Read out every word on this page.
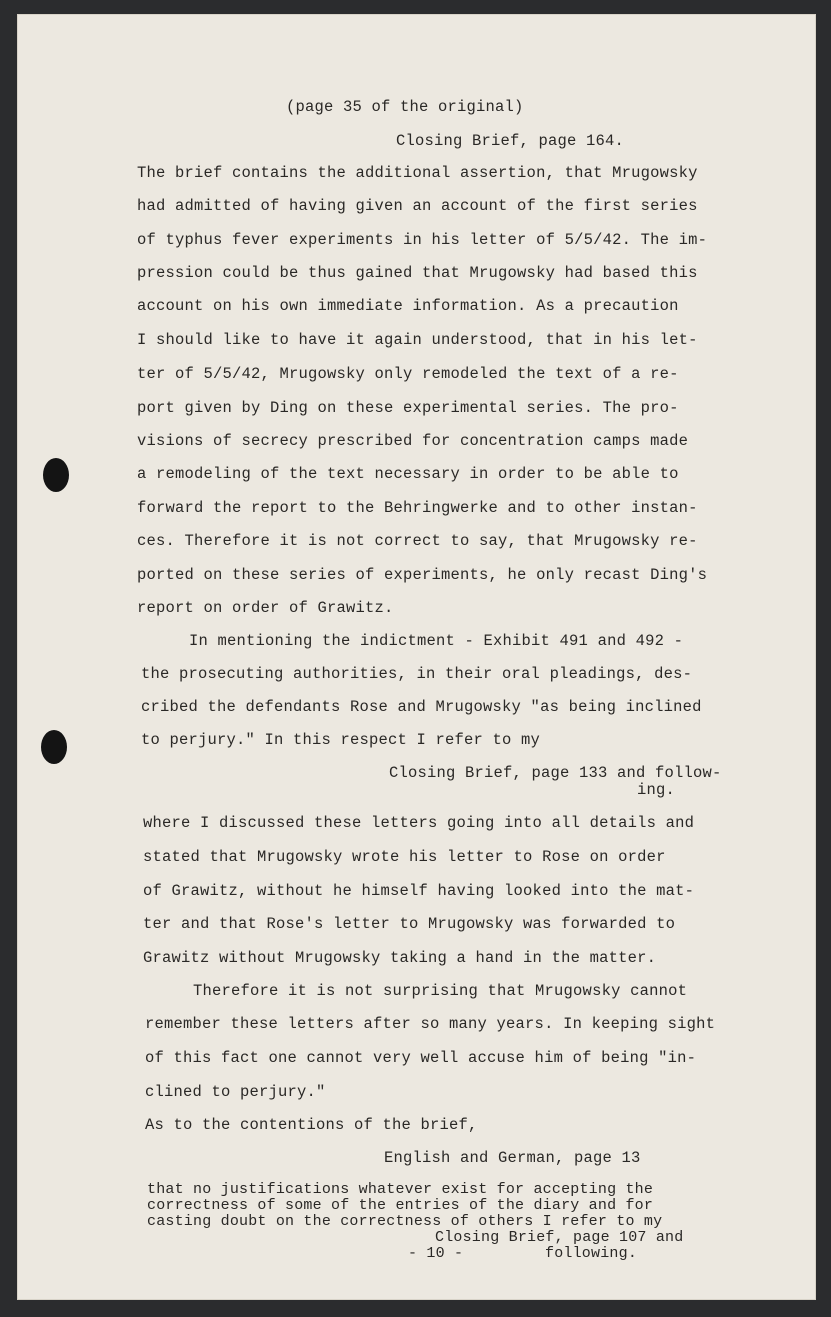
(page 35 of the original)
Closing Brief, page 164.
The brief contains the additional assertion, that Mrugowsky
had admitted of having given an account of the first series
of typhus fever experiments in his letter of 5/5/42. The im-
pression could be thus gained that Mrugowsky had based this
account on his own immediate information. As a precaution
I should like to have it again understood, that in his let-
ter of 5/5/42, Mrugowsky only remodeled the text of a re-
port given by Ding on these experimental series. The pro-
visions of secrecy prescribed for concentration camps made
a remodeling of the text necessary in order to be able to
forward the report to the Behringwerke and to other instan-
ces. Therefore it is not correct to say, that Mrugowsky re-
ported on these series of experiments, he only recast Ding's
report on order of Grawitz.
In mentioning the indictment - Exhibit 491 and 492 -
the prosecuting authorities, in their oral pleadings, des-
cribed the defendants Rose and Mrugowsky "as being inclined
to perjury." In this respect I refer to my
Closing Brief, page 133 and follow-
ing.
where I discussed these letters going into all details and
stated that Mrugowsky wrote his letter to Rose on order
of Grawitz, without he himself having looked into the mat-
ter and that Rose's letter to Mrugowsky was forwarded to
Grawitz without Mrugowsky taking a hand in the matter.
Therefore it is not surprising that Mrugowsky cannot
remember these letters after so many years. In keeping sight
of this fact one cannot very well accuse him of being "in-
clined to perjury."
As to the contentions of the brief,
English and German, page 13
that no justifications whatever exist for accepting the
correctness of some of the entries of the diary and for
casting doubt on the correctness of others I refer to my
Closing Brief, page 107 and
- 10 -	following.
